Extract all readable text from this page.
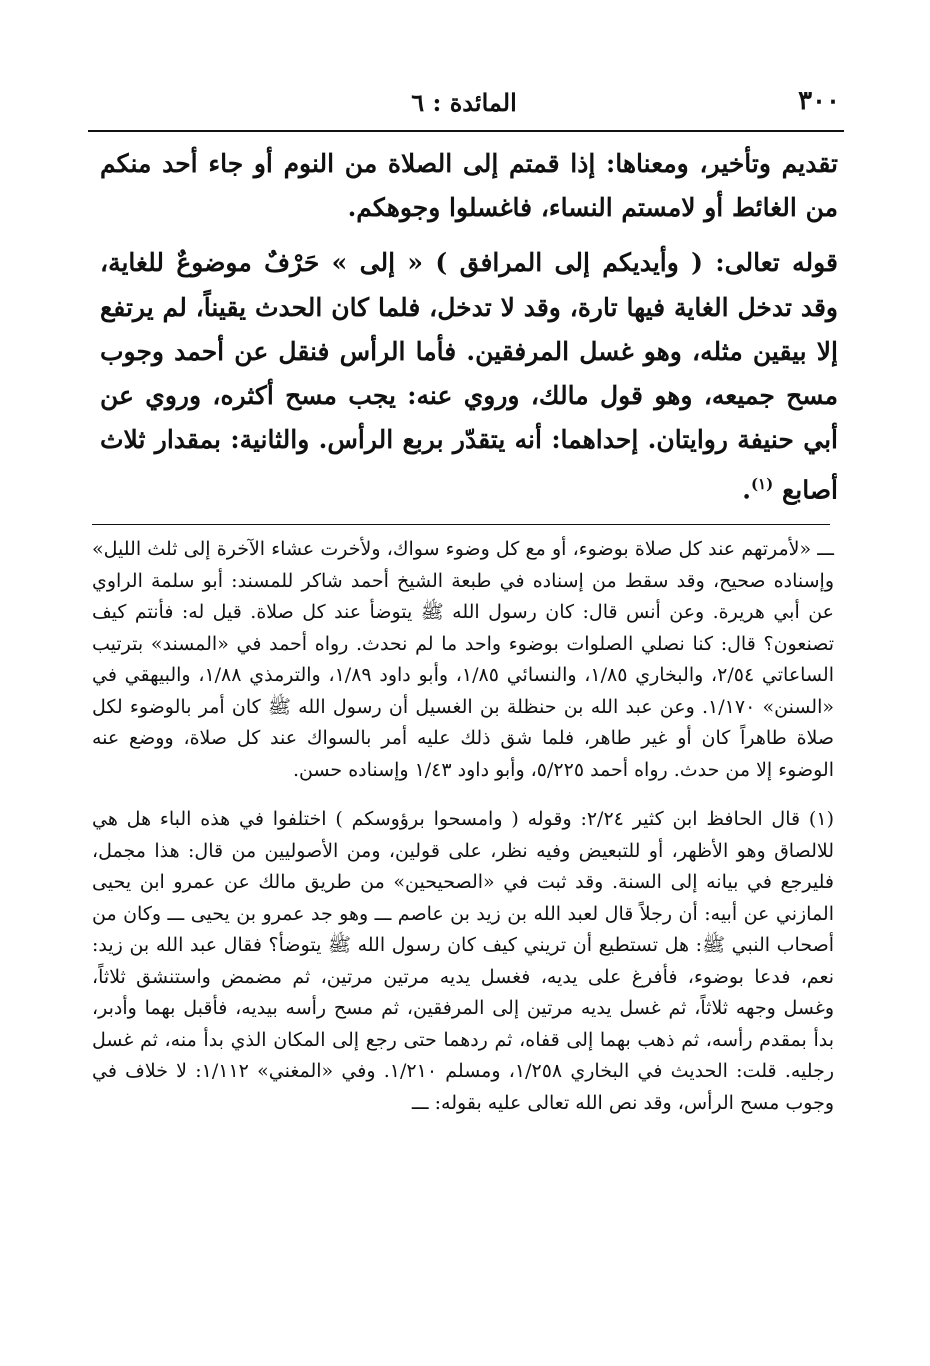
٣٠٠
المائدة : ٦

تقديم وتأخير، ومعناها: إذا قمتم إلى الصلاة من النوم أو جاء أحد منكم من الغائط أو لامستم النساء، فاغسلوا وجوهكم.

قوله تعالى: ( وأيديكم إلى المرافق ) « إلى » حَرْفٌ موضوعٌ للغاية، وقد تدخل الغاية فيها تارة، وقد لا تدخل، فلما كان الحدث يقيناً، لم يرتفع إلا بيقين مثله، وهو غسل المرفقين. فأما الرأس فنقل عن أحمد وجوب مسح جميعه، وهو قول مالك، وروي عنه: يجب مسح أكثره، وروي عن أبي حنيفة روايتان. إحداهما: أنه يتقدّر بربع الرأس. والثانية: بمقدار ثلاث أصابع $^{(١)}$.

ـــ «لأمرتهم عند كل صلاة بوضوء، أو مع كل وضوء سواك، ولأخرت عشاء الآخرة إلى ثلث الليل» وإسناده صحيح، وقد سقط من إسناده في طبعة الشيخ أحمد شاكر للمسند: أبو سلمة الراوي عن أبي هريرة. وعن أنس قال: كان رسول الله ﷺ يتوضأ عند كل صلاة. قيل له: فأنتم كيف تصنعون؟ قال: كنا نصلي الصلوات بوضوء واحد ما لم نحدث. رواه أحمد في «المسند» بترتيب الساعاتي ٢/٥٤، والبخاري ١/٨٥، والنسائي ١/٨٥، وأبو داود ١/٨٩، والترمذي ١/٨٨، والبيهقي في «السنن» ١/١٧٠. وعن عبد الله بن حنظلة بن الغسيل أن رسول الله ﷺ كان أمر بالوضوء لكل صلاة طاهراً كان أو غير طاهر، فلما شق ذلك عليه أمر بالسواك عند كل صلاة، ووضع عنه الوضوء إلا من حدث. رواه أحمد ٥/٢٢٥، وأبو داود ١/٤٣ وإسناده حسن.

(١) قال الحافظ ابن كثير ٢/٢٤: وقوله ( وامسحوا برؤوسكم ) اختلفوا في هذه الباء هل هي للالصاق وهو الأظهر، أو للتبعيض وفيه نظر، على قولين، ومن الأصوليين من قال: هذا مجمل، فليرجع في بيانه إلى السنة. وقد ثبت في «الصحيحين» من طريق مالك عن عمرو ابن يحيى المازني عن أبيه: أن رجلاً قال لعبد الله بن زيد بن عاصم ـــ وهو جد عمرو بن يحيى ـــ وكان من أصحاب النبي ﷺ: هل تستطيع أن تريني كيف كان رسول الله ﷺ يتوضأ؟ فقال عبد الله بن زيد: نعم، فدعا بوضوء، فأفرغ على يديه، فغسل يديه مرتين مرتين، ثم مضمض واستنشق ثلاثاً، وغسل وجهه ثلاثاً، ثم غسل يديه مرتين إلى المرفقين، ثم مسح رأسه بيديه، فأقبل بهما وأدبر، بدأ بمقدم رأسه، ثم ذهب بهما إلى قفاه، ثم ردهما حتى رجع إلى المكان الذي بدأ منه، ثم غسل رجليه. قلت: الحديث في البخاري ١/٢٥٨، ومسلم ١/٢١٠. وفي «المغني» ١/١١٢: لا خلاف في وجوب مسح الرأس، وقد نص الله تعالى عليه بقوله: ـــ
